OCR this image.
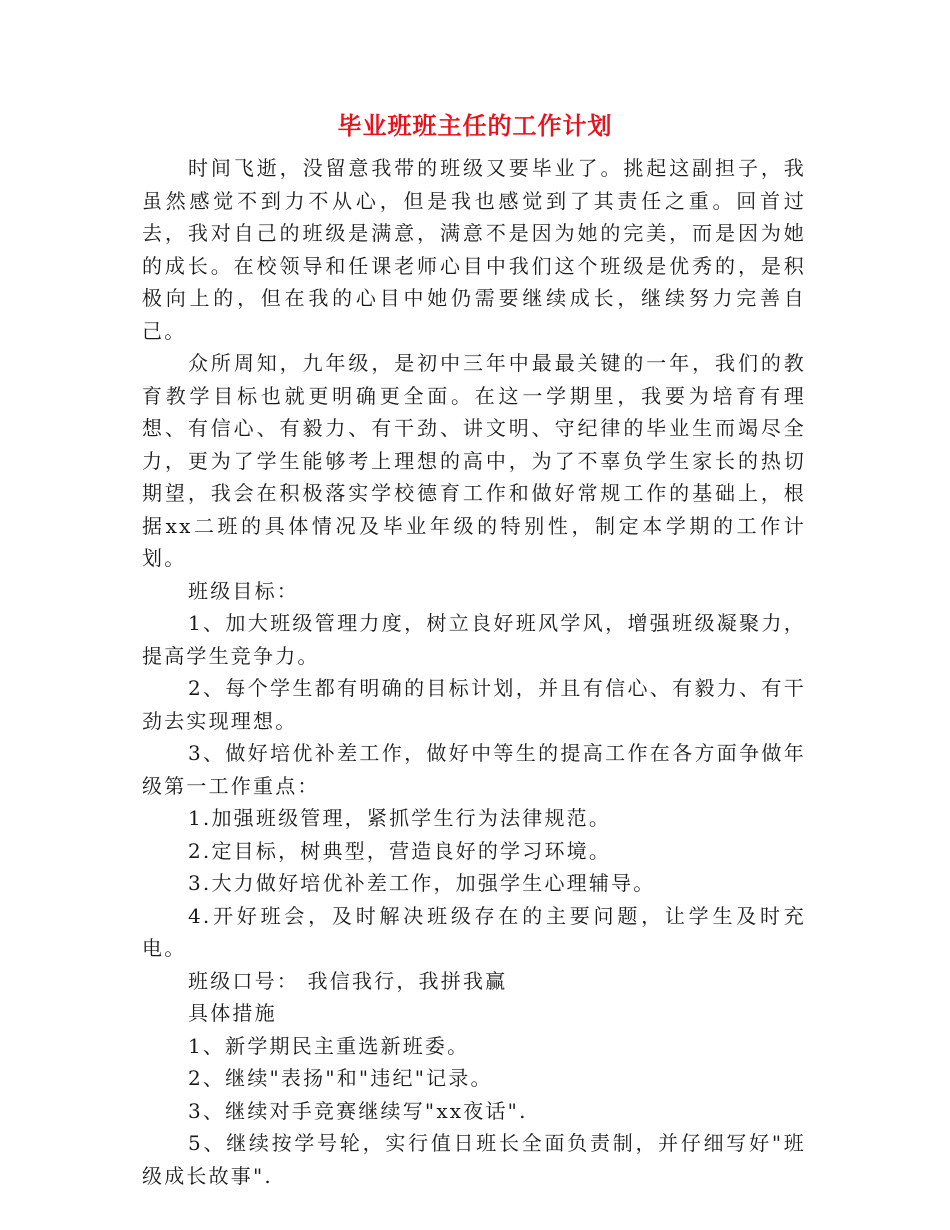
毕业班班主任的工作计划

时间飞逝，没留意我带的班级又要毕业了。挑起这副担子，我虽然感觉不到力不从心，但是我也感觉到了其责任之重。回首过去，我对自己的班级是满意，满意不是因为她的完美，而是因为她的成长。在校领导和任课老师心目中我们这个班级是优秀的，是积极向上的，但在我的心目中她仍需要继续成长，继续努力完善自己。

众所周知，九年级，是初中三年中最最关键的一年，我们的教育教学目标也就更明确更全面。在这一学期里，我要为培育有理想、有信心、有毅力、有干劲、讲文明、守纪律的毕业生而竭尽全力，更为了学生能够考上理想的高中，为了不辜负学生家长的热切期望，我会在积极落实学校德育工作和做好常规工作的基础上，根据xx二班的具体情况及毕业年级的特别性，制定本学期的工作计划。

班级目标：

1、加大班级管理力度，树立良好班风学风，增强班级凝聚力，提高学生竞争力。

2、每个学生都有明确的目标计划，并且有信心、有毅力、有干劲去实现理想。

3、做好培优补差工作，做好中等生的提高工作在各方面争做年级第一工作重点：

1.加强班级管理，紧抓学生行为法律规范。

2.定目标，树典型，营造良好的学习环境。

3.大力做好培优补差工作，加强学生心理辅导。

4.开好班会，及时解决班级存在的主要问题，让学生及时充电。

班级口号： 我信我行，我拼我赢

具体措施

1、新学期民主重选新班委。

2、继续"表扬"和"违纪"记录。

3、继续对手竞赛继续写"xx夜话".

5、继续按学号轮，实行值日班长全面负责制，并仔细写好"班级成长故事".
